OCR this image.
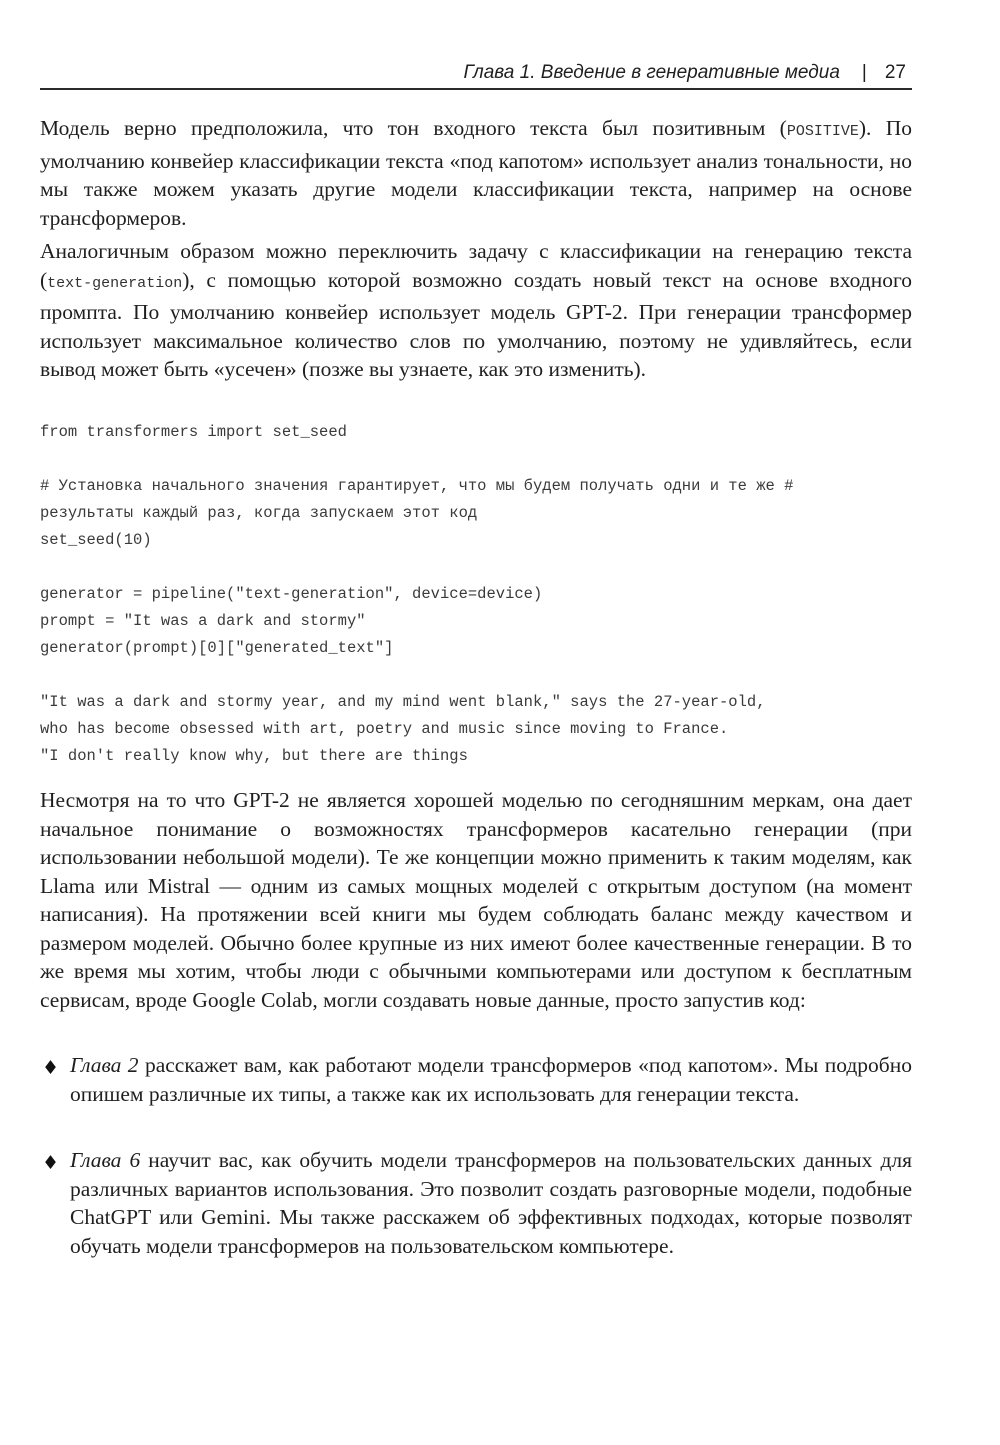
Глава 1. Введение в генеративные медиа | 27

Модель верно предположила, что тон входного текста был позитивным (POSITIVE). По умолчанию конвейер классификации текста «под капотом» использует анализ тональности, но мы также можем указать другие модели классификации текста, например на основе трансформеров.

Аналогичным образом можно переключить задачу с классификации на генерацию текста (text-generation), с помощью которой возможно создать новый текст на основе входного промпта. По умолчанию конвейер использует модель GPT-2. При генерации трансформер использует максимальное количество слов по умолчанию, поэтому не удивляйтесь, если вывод может быть «усечен» (позже вы узнаете, как это изменить).

from transformers import set_seed
# Установка начального значения гарантирует, что мы будем получать одни и те же #
результаты каждый раз, когда запускаем этот код
set_seed(10)
generator = pipeline("text-generation", device=device)
prompt = "It was a dark and stormy"
generator(prompt)[0]["generated_text"]
"It was a dark and stormy year, and my mind went blank," says the 27-year-old,
who has become obsessed with art, poetry and music since moving to France.
"I don't really know why, but there are things

Несмотря на то что GPT-2 не является хорошей моделью по сегодняшним меркам, она дает начальное понимание о возможностях трансформеров касательно генерации (при использовании небольшой модели). Те же концепции можно применить к таким моделям, как Llama или Mistral — одним из самых мощных моделей с открытым доступом (на момент написания). На протяжении всей книги мы будем соблюдать баланс между качеством и размером моделей. Обычно более крупные из них имеют более качественные генерации. В то же время мы хотим, чтобы люди с обычными компьютерами или доступом к бесплатным сервисам, вроде Google Colab, могли создавать новые данные, просто запустив код:

♦ Глава 2 расскажет вам, как работают модели трансформеров «под капотом». Мы подробно опишем различные их типы, а также как их использовать для генерации текста.
♦ Глава 6 научит вас, как обучить модели трансформеров на пользовательских данных для различных вариантов использования. Это позволит создать разговорные модели, подобные ChatGPT или Gemini. Мы также расскажем об эффективных подходах, которые позволят обучать модели трансформеров на пользовательском компьютере.
